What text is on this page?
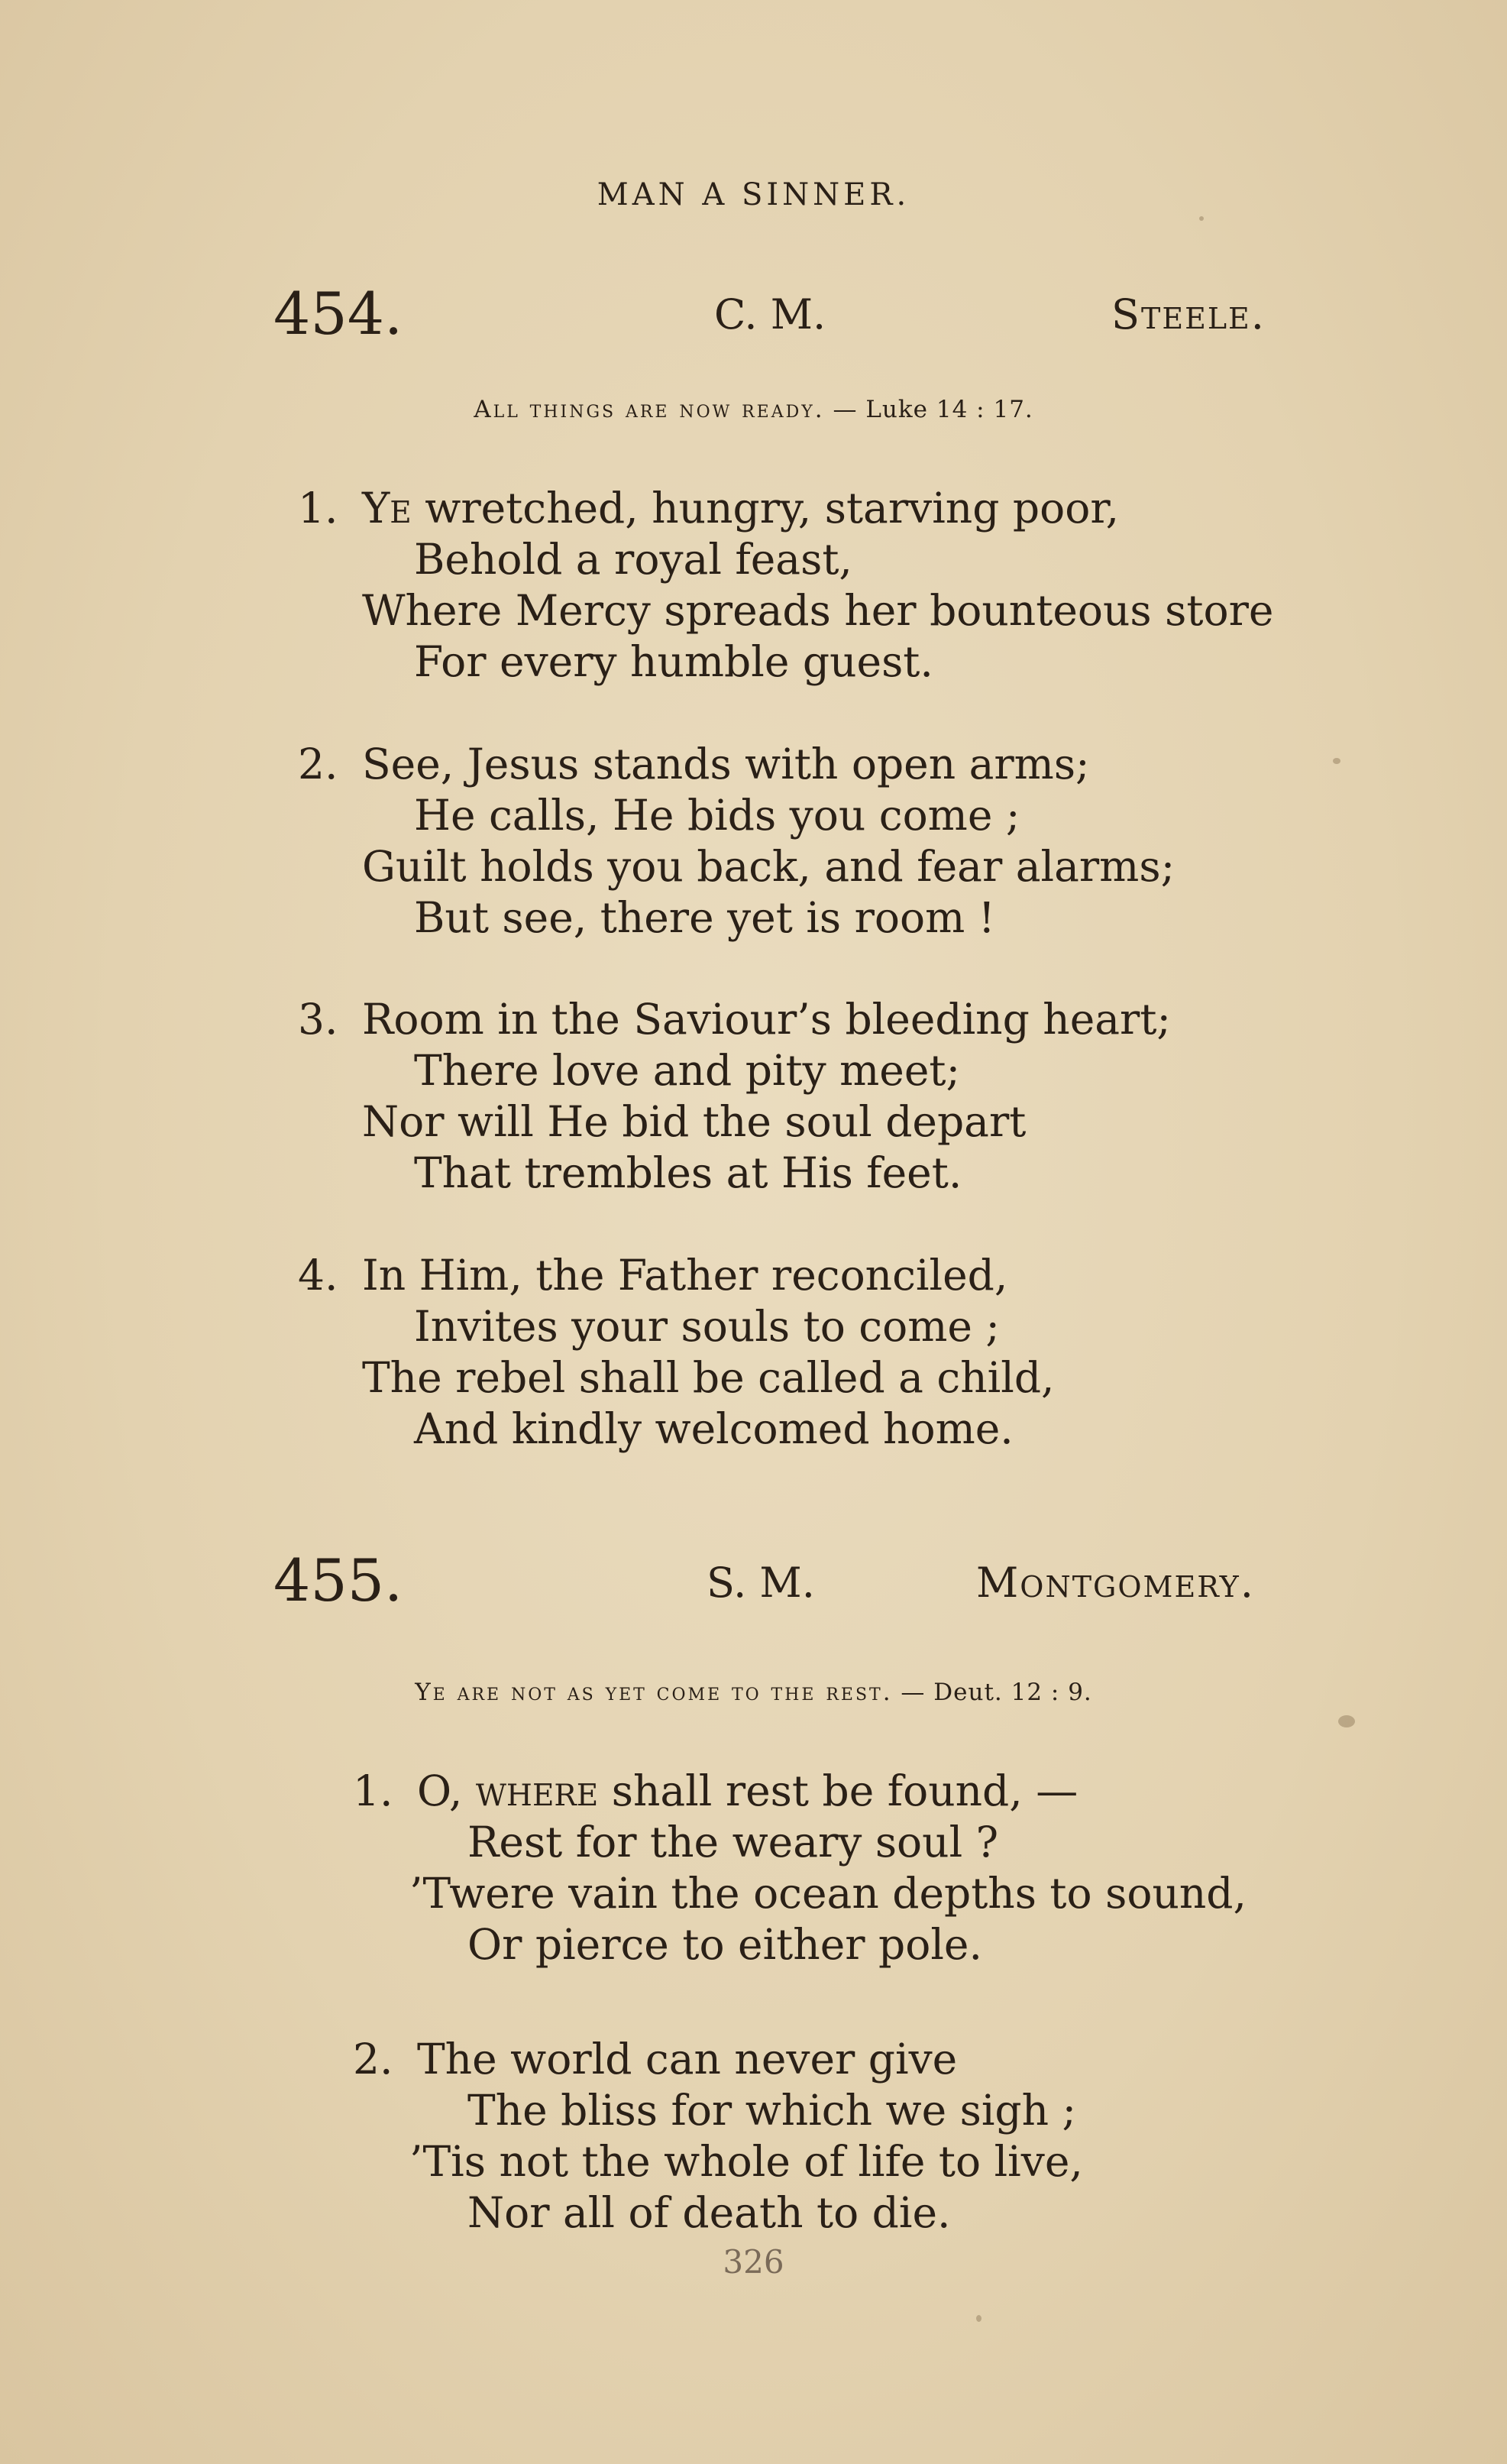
MAN A SINNER.
454.	C. M.	Steele.
All things are now ready. — Luke 14 : 17.
1. Ye wretched, hungry, starving poor,
Behold a royal feast,
Where Mercy spreads her bounteous store
For every humble guest.
2. See, Jesus stands with open arms;
He calls, He bids you come ;
Guilt holds you back, and fear alarms;
But see, there yet is room !
3. Room in the Saviour’s bleeding heart;
There love and pity meet;
Nor will He bid the soul depart
That trembles at His feet.
4. In Him, the Father reconciled,
Invites your souls to come ;
The rebel shall be called a child,
And kindly welcomed home.
455.	S. M.	Montgomery.
Ye are not as yet come to the rest. — Deut. 12 : 9.
1. O, where shall rest be found, —
Rest for the weary soul ?
’Twere vain the ocean depths to sound,
Or pierce to either pole.
2. The world can never give
The bliss for which we sigh ;
’Tis not the whole of life to live,
Nor all of death to die.
326
